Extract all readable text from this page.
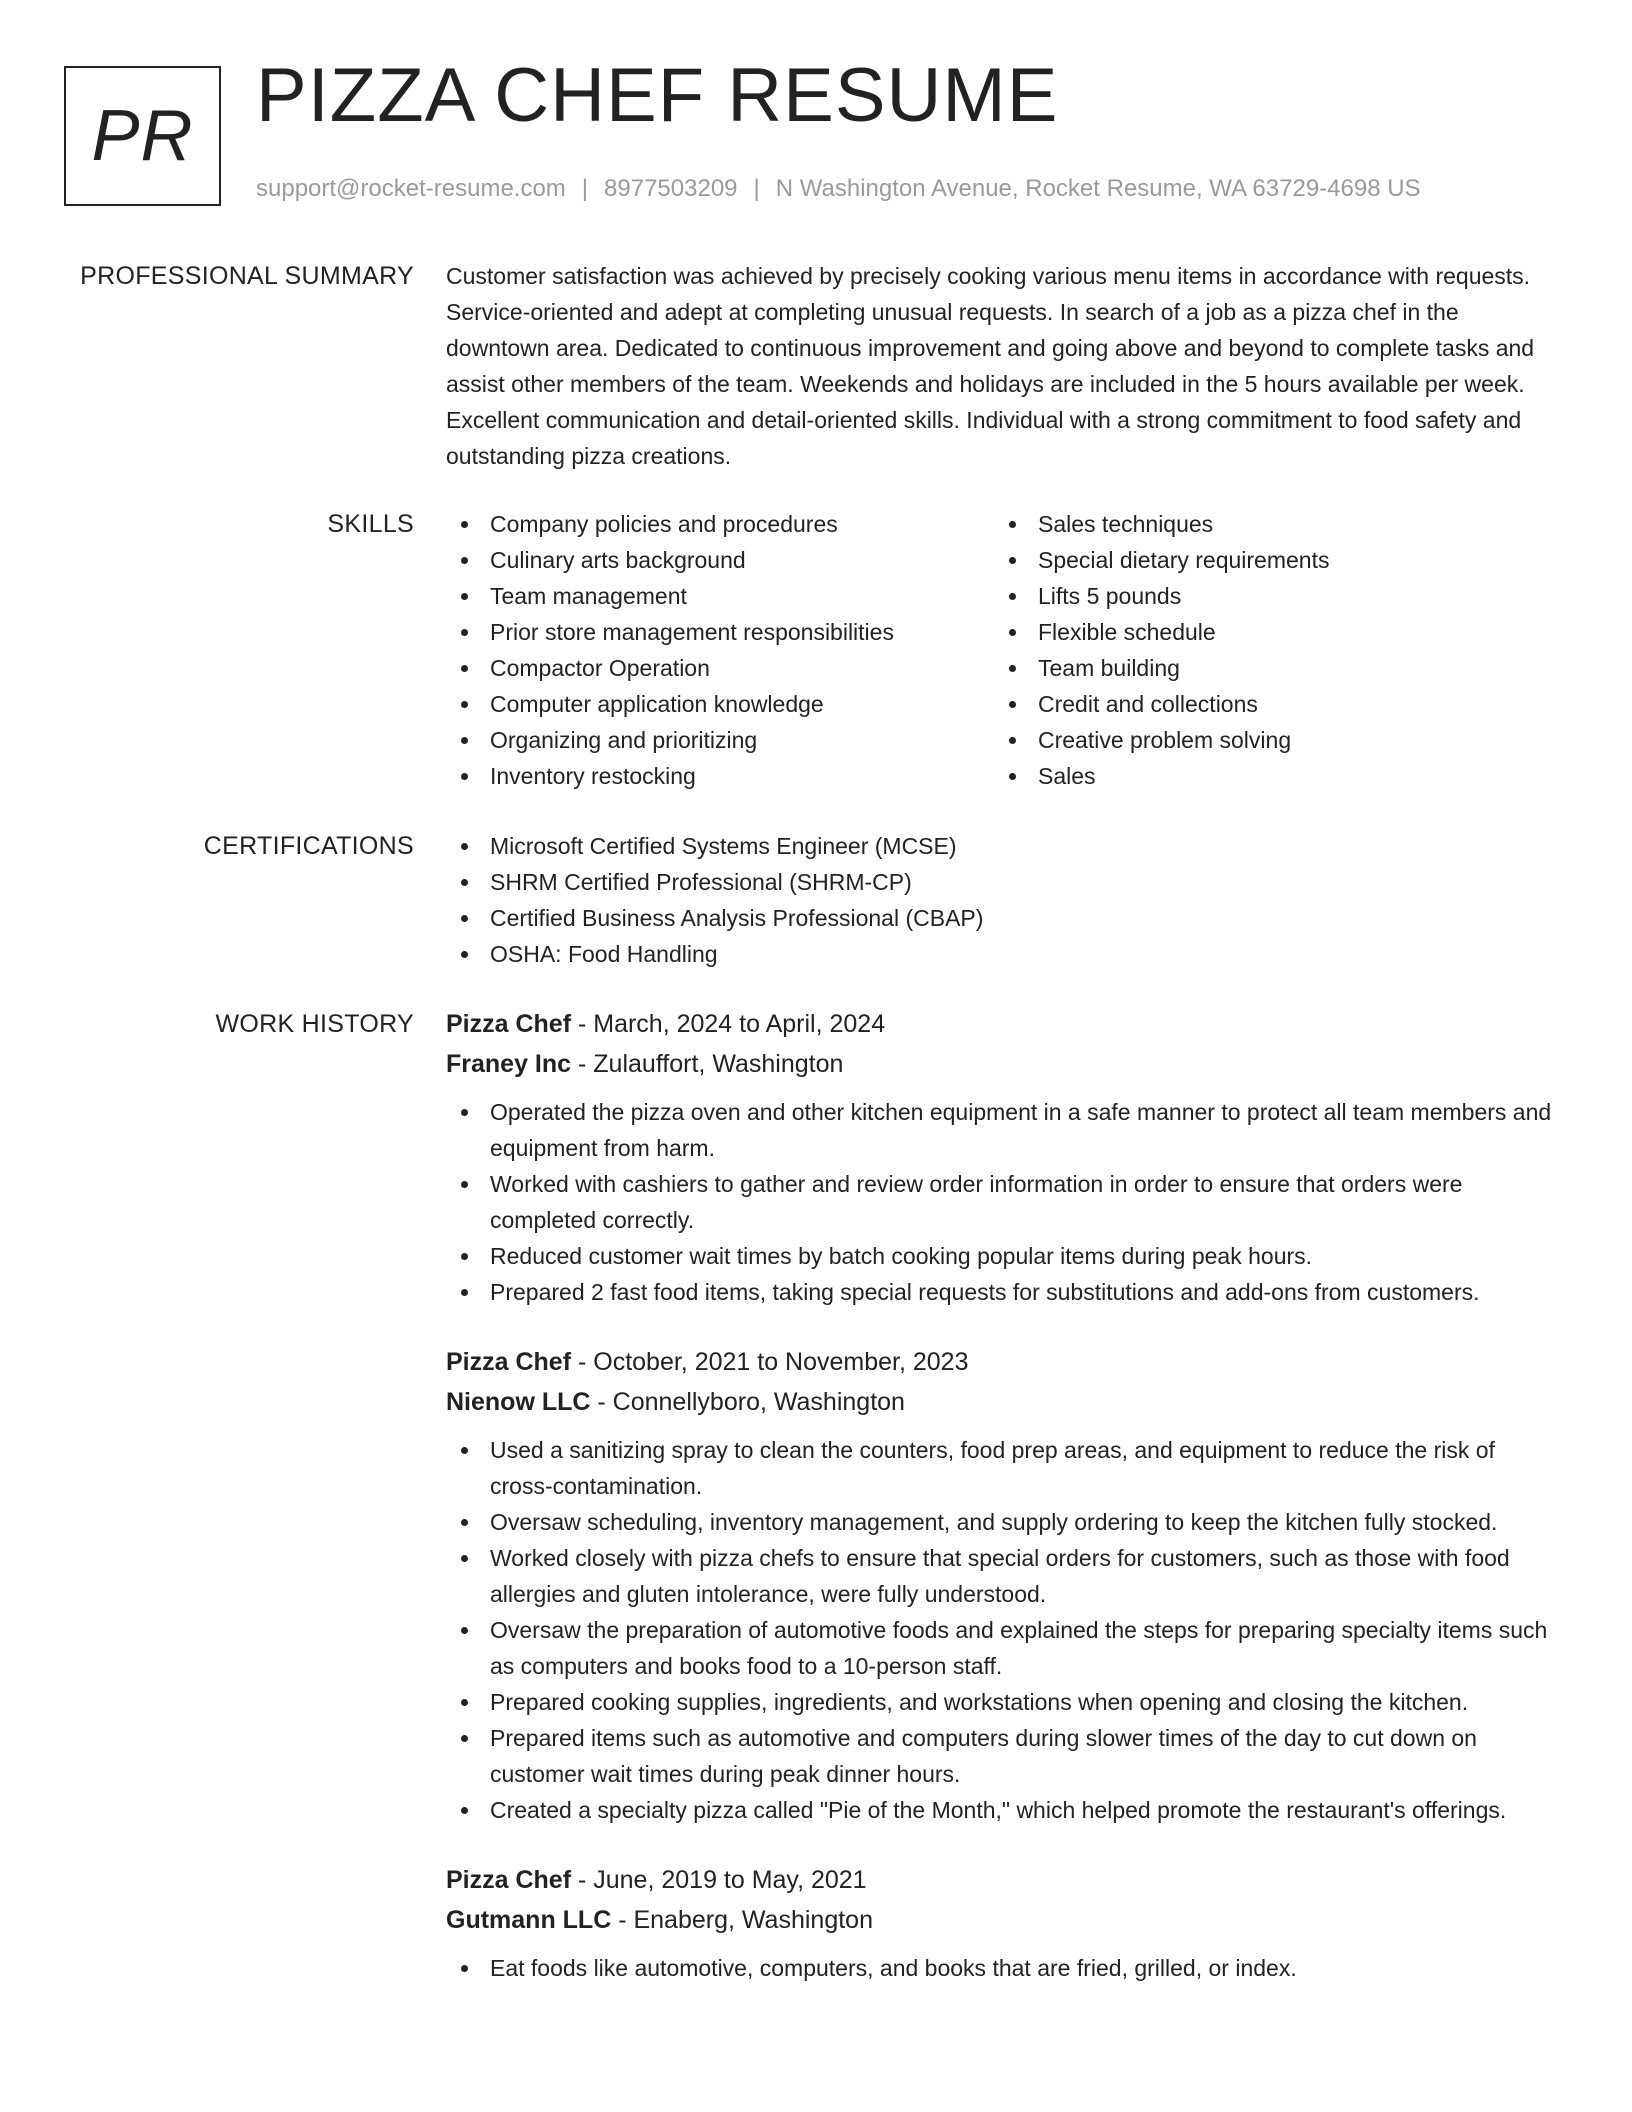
PR PIZZA CHEF RESUME
support@rocket-resume.com | 8977503209 | N Washington Avenue, Rocket Resume, WA 63729-4698 US
PROFESSIONAL SUMMARY Customer satisfaction was achieved by precisely cooking various menu items in accordance with requests. Service-oriented and adept at completing unusual requests. In search of a job as a pizza chef in the downtown area. Dedicated to continuous improvement and going above and beyond to complete tasks and assist other members of the team. Weekends and holidays are included in the 5 hours available per week. Excellent communication and detail-oriented skills. Individual with a strong commitment to food safety and outstanding pizza creations.

SKILLS	Company policies and procedures
Culinary arts background
Team management
Prior store management responsibilities
Compactor Operation
Computer application knowledge
Organizing and prioritizing
Inventory restocking
Sales techniques
Special dietary requirements
Lifts 5 pounds
Flexible schedule
Team building
Credit and collections
Creative problem solving
Sales
CERTIFICATIONS	Microsoft Certified Systems Engineer (MCSE)
SHRM Certified Professional (SHRM-CP)
Certified Business Analysis Professional (CBAP)
OSHA: Food Handling
WORK HISTORY Pizza Chef - March, 2024 to April, 2024
Franey Inc - Zulauffort, Washington
Operated the pizza oven and other kitchen equipment in a safe manner to protect all team members and equipment from harm.
Worked with cashiers to gather and review order information in order to ensure that orders were completed correctly.
Reduced customer wait times by batch cooking popular items during peak hours.
Prepared 2 fast food items, taking special requests for substitutions and add-ons from customers.
Pizza Chef - October, 2021 to November, 2023
Nienow LLC - Connellyboro, Washington
Used a sanitizing spray to clean the counters, food prep areas, and equipment to reduce the risk of cross-contamination.
Oversaw scheduling, inventory management, and supply ordering to keep the kitchen fully stocked.
Worked closely with pizza chefs to ensure that special orders for customers, such as those with food allergies and gluten intolerance, were fully understood.
Oversaw the preparation of automotive foods and explained the steps for preparing specialty items such as computers and books food to a 10-person staff.
Prepared cooking supplies, ingredients, and workstations when opening and closing the kitchen.
Prepared items such as automotive and computers during slower times of the day to cut down on customer wait times during peak dinner hours.
Created a specialty pizza called "Pie of the Month," which helped promote the restaurant's offerings.
Pizza Chef - June, 2019 to May, 2021
Gutmann LLC - Enaberg, Washington
Eat foods like automotive, computers, and books that are fried, grilled, or index.
